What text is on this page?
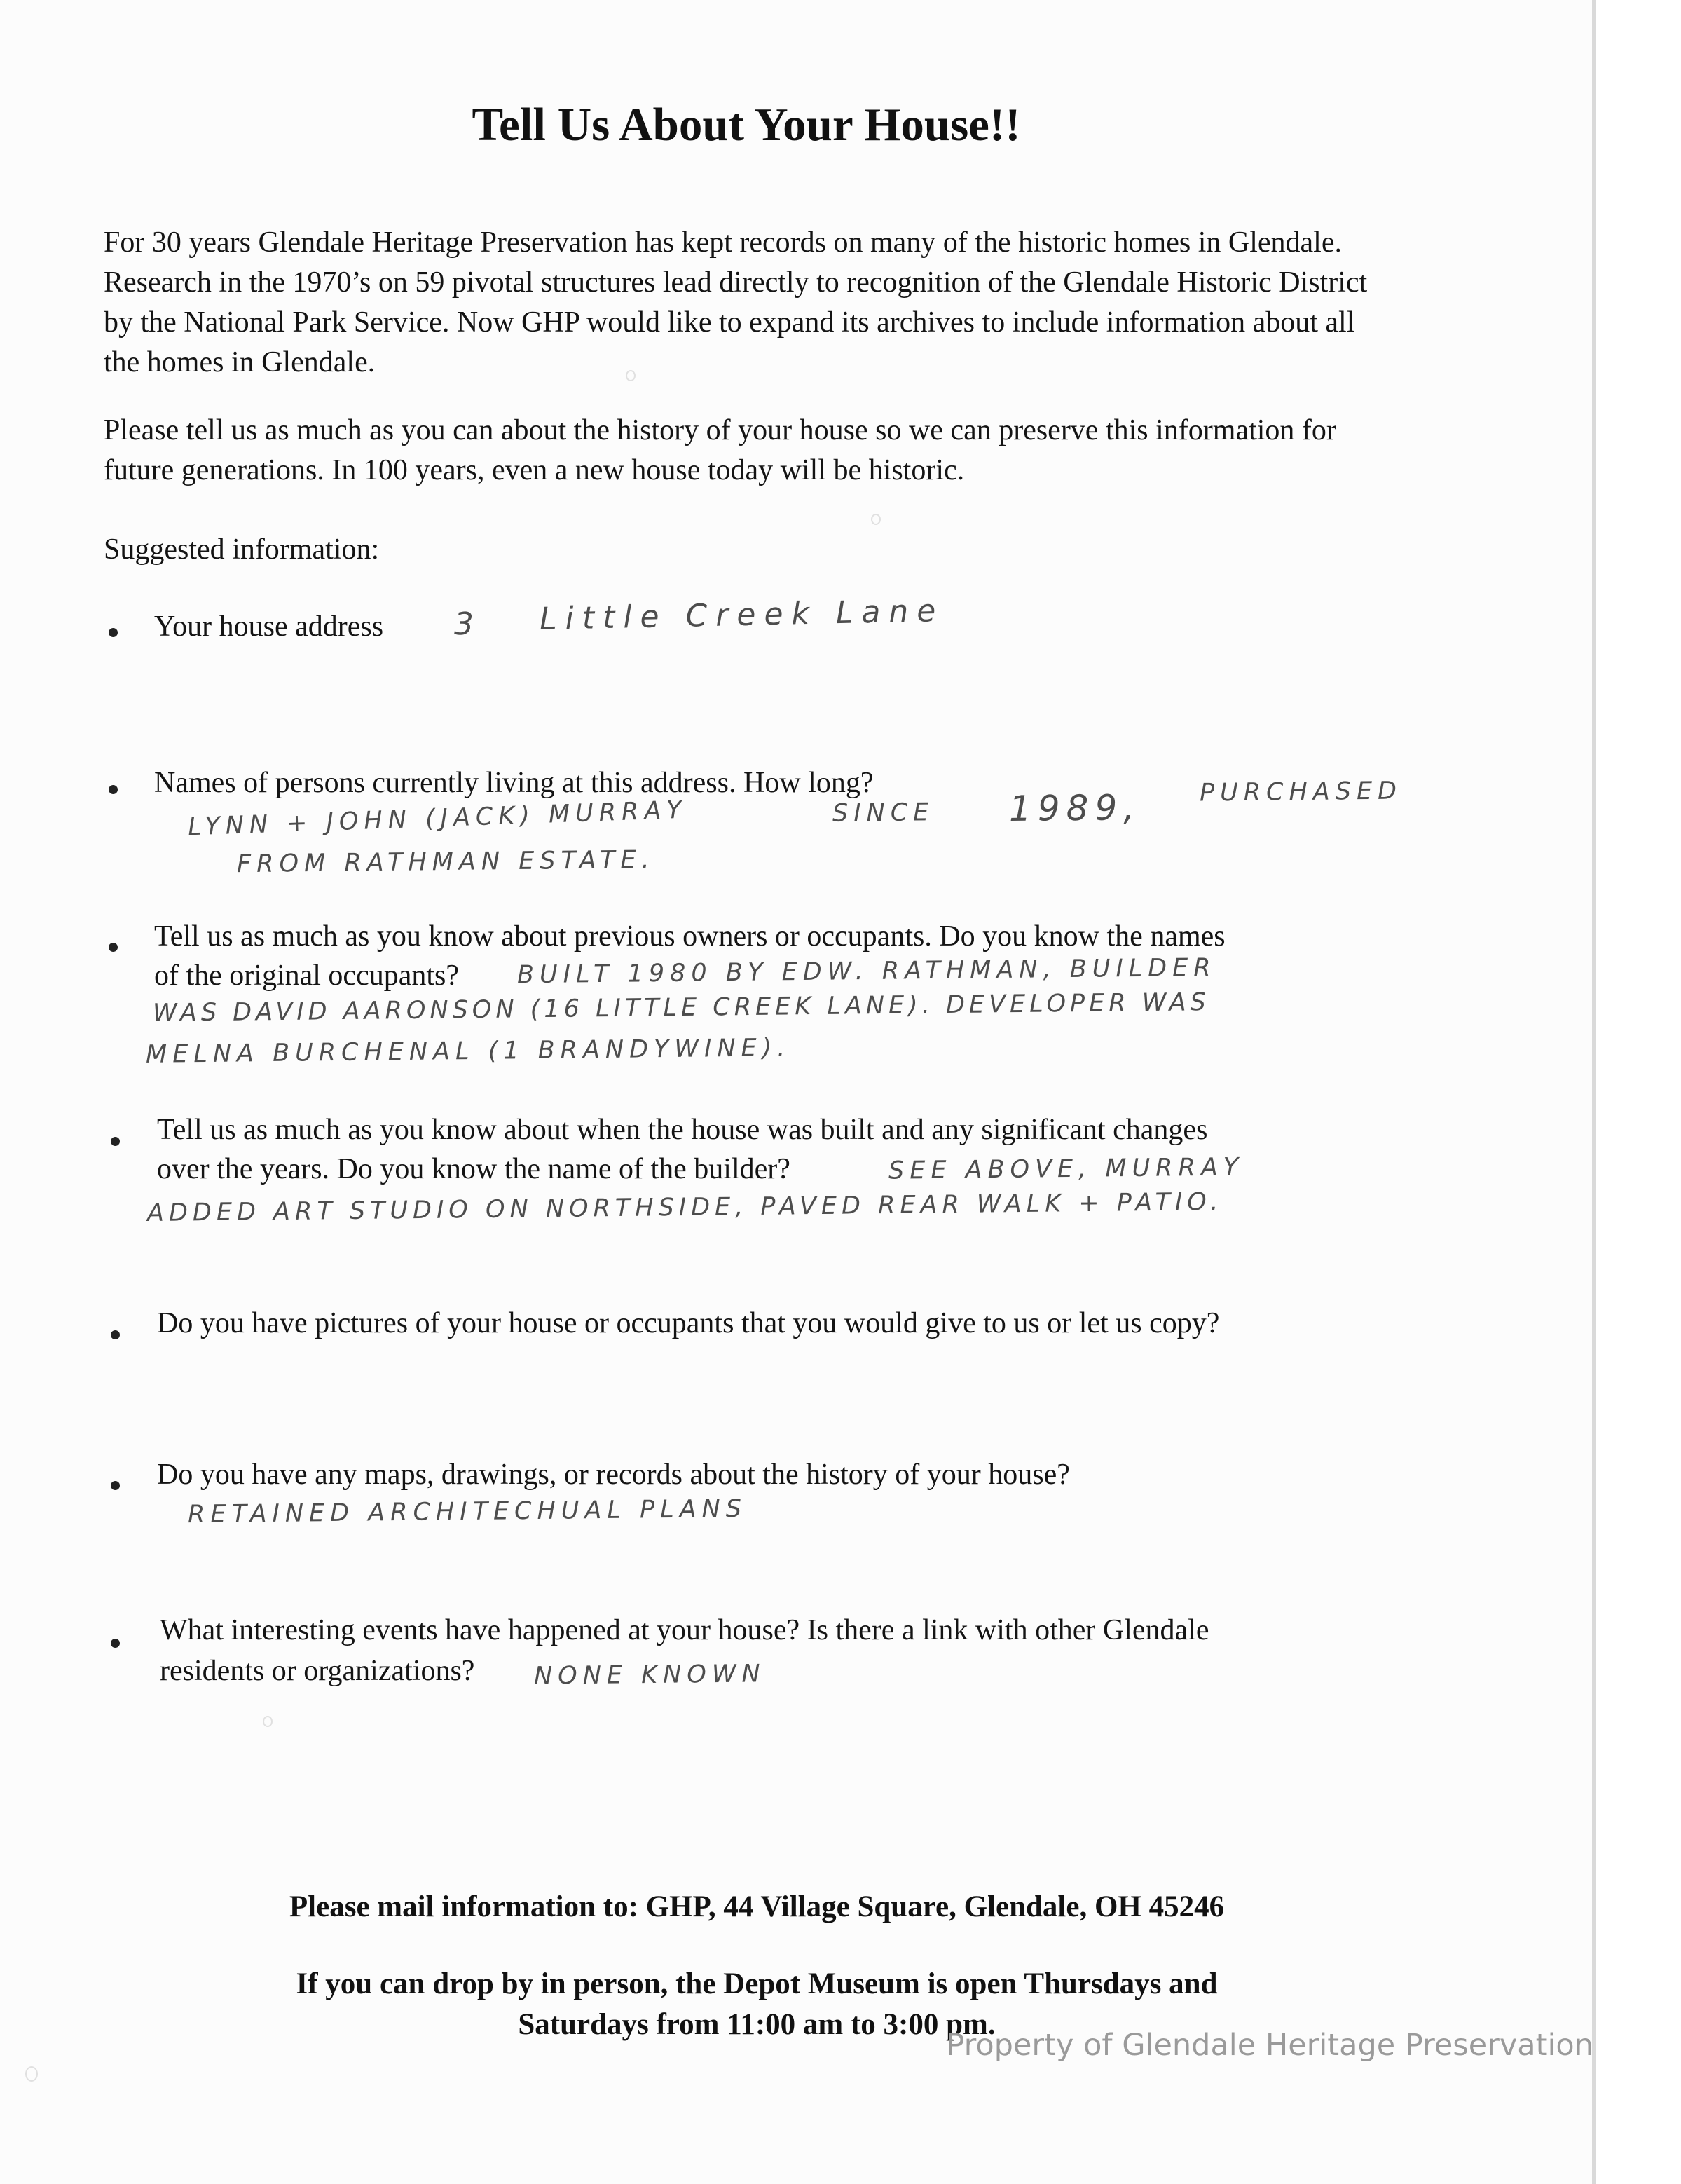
Tell Us About Your House!!

For 30 years Glendale Heritage Preservation has kept records on many of the historic homes in Glendale. Research in the 1970’s on 59 pivotal structures lead directly to recognition of the Glendale Historic District by the National Park Service. Now GHP would like to expand its archives to include information about all the homes in Glendale.

Please tell us as much as you can about the history of your house so we can preserve this information for future generations. In 100 years, even a new house today will be historic.

Suggested information:

Your house address 3 Little Creek Lane
Names of persons currently living at this address. How long?
LYNN + JOHN (JACK) MURRAY	SINCE 1989, PURCHASED
FROM RATHMAN ESTATE.
Tell us as much as you know about previous owners or occupants. Do you know the names
of the original occupants? BUILT 1980 BY EDW. RATHMAN, BUILDER
WAS DAVID AARONSON (16 LITTLE CREEK LANE). DEVELOPER WAS
MELNA BURCHENAL (1 BRANDYWINE).
Tell us as much as you know about when the house was built and any significant changes
over the years. Do you know the name of the builder?	SEE ABOVE, MURRAY
ADDED ART STUDIO ON NORTHSIDE, PAVED REAR WALK + PATIO.
Do you have pictures of your house or occupants that you would give to us or let us copy?
Do you have any maps, drawings, or records about the history of your house?
RETAINED ARCHITECHUAL PLANS
What interesting events have happened at your house? Is there a link with other Glendale
residents or organizations? NONE KNOWN

Please mail information to: GHP, 44 Village Square, Glendale, OH 45246

If you can drop by in person, the Depot Museum is open Thursdays and

Saturdays from 11:00 am to 3:00 pm.

Property of Glendale Heritage Preservation
